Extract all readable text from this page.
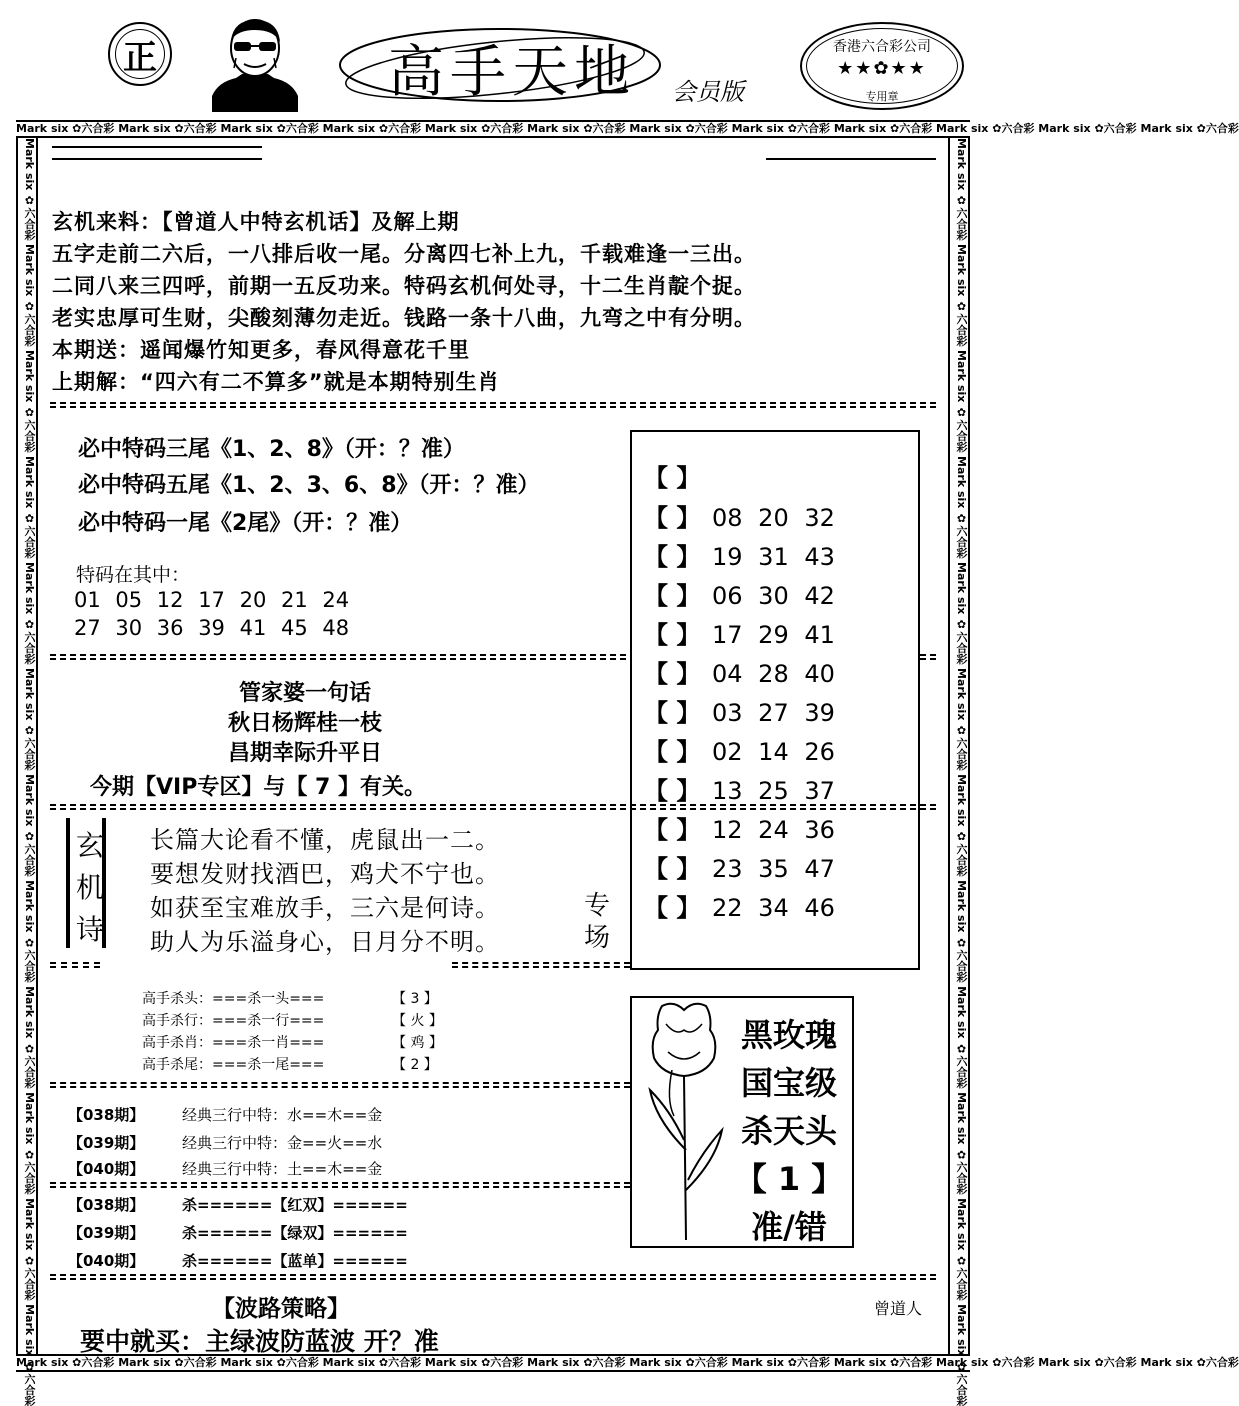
正	高手天地 会员版
香港六合彩公司
★★✿★★
专用章
Mark six ✿六合彩 Mark six ✿六合彩 Mark six ✿六合彩 Mark six ✿六合彩 Mark six ✿六合彩 Mark six ✿六合彩 Mark six ✿六合彩 Mark six ✿六合彩 Mark six ✿六合彩 Mark six ✿六合彩 Mark six ✿六合彩 Mark six ✿六合彩
Mark six ✿六合彩 Mark six ✿六合彩 Mark six ✿六合彩 Mark six ✿六合彩 Mark six ✿六合彩 Mark six ✿六合彩 Mark six ✿六合彩 Mark six ✿六合彩 Mark six ✿六合彩 Mark six ✿六合彩 Mark six ✿六合彩 Mark six ✿六合彩
Mark six ✿六合彩 Mark six ✿六合彩 Mark six ✿六合彩 Mark six ✿六合彩 Mark six ✿六合彩 Mark six ✿六合彩 Mark six ✿六合彩 Mark six ✿六合彩 Mark six ✿六合彩 Mark six ✿六合彩 Mark six ✿六合彩 Mark six ✿六合彩	Mark six ✿六合彩 Mark six ✿六合彩 Mark six ✿六合彩 Mark six ✿六合彩 Mark six ✿六合彩 Mark six ✿六合彩 Mark six ✿六合彩 Mark six ✿六合彩 Mark six ✿六合彩 Mark six ✿六合彩 Mark six ✿六合彩 Mark six ✿六合彩
玄机来料：【曾道人中特玄机话】及解上期
五字走前二六后，一八排后收一尾。分离四七补上九，千载难逢一三出。
二同八来三四呼，前期一五反功来。特码玄机何处寻，十二生肖靛个捉。
老实忠厚可生财，尖酸刻薄勿走近。钱路一条十八曲，九弯之中有分明。
本期送：遥闻爆竹知更多，春风得意花千里
上期解：“四六有二不算多”就是本期特别生肖
必中特码三尾《1、2、8》（开：？准）
必中特码五尾《1、2、3、6、8》（开：？准）
必中特码一尾《2尾》（开：？准）
特码在其中：
01 05 12 17 20 21 24
27 30 36 39 41 45 48
【 】
【 】 08 20 32
【 】 19 31 43
【 】 06 30 42
【 】 17 29 41
【 】 04 28 40
【 】 03 27 39
【 】 02 14 26
【 】 13 25 37
【 】 12 24 36
【 】 23 35 47
【 】 22 34 46
管家婆一句话
秋日杨辉桂一枝
昌期幸际升平日
今期【VIP专区】与【 7 】有关。
玄
机
诗
长篇大论看不懂，虎鼠出一二。
要想发财找酒巴，鸡犬不宁也。
如获至宝难放手，三六是何诗。
助人为乐溢身心，日月分不明。
专场
高手杀头：===杀一头===	【 3 】
高手杀行：===杀一行===	【 火 】
高手杀肖：===杀一肖===	【 鸡 】
高手杀尾：===杀一尾===	【 2 】
【038期】	经典三行中特：水==木==金
【039期】	经典三行中特：金==火==水
【040期】	经典三行中特：土==木==金
【038期】	杀======【红双】======
【039期】	杀======【绿双】======
【040期】	杀======【蓝单】======
黑玫瑰
国宝级
杀天头
【 1 】
准/错
【波路策略】
要中就买：主绿波防蓝波 开？准
曾道人
